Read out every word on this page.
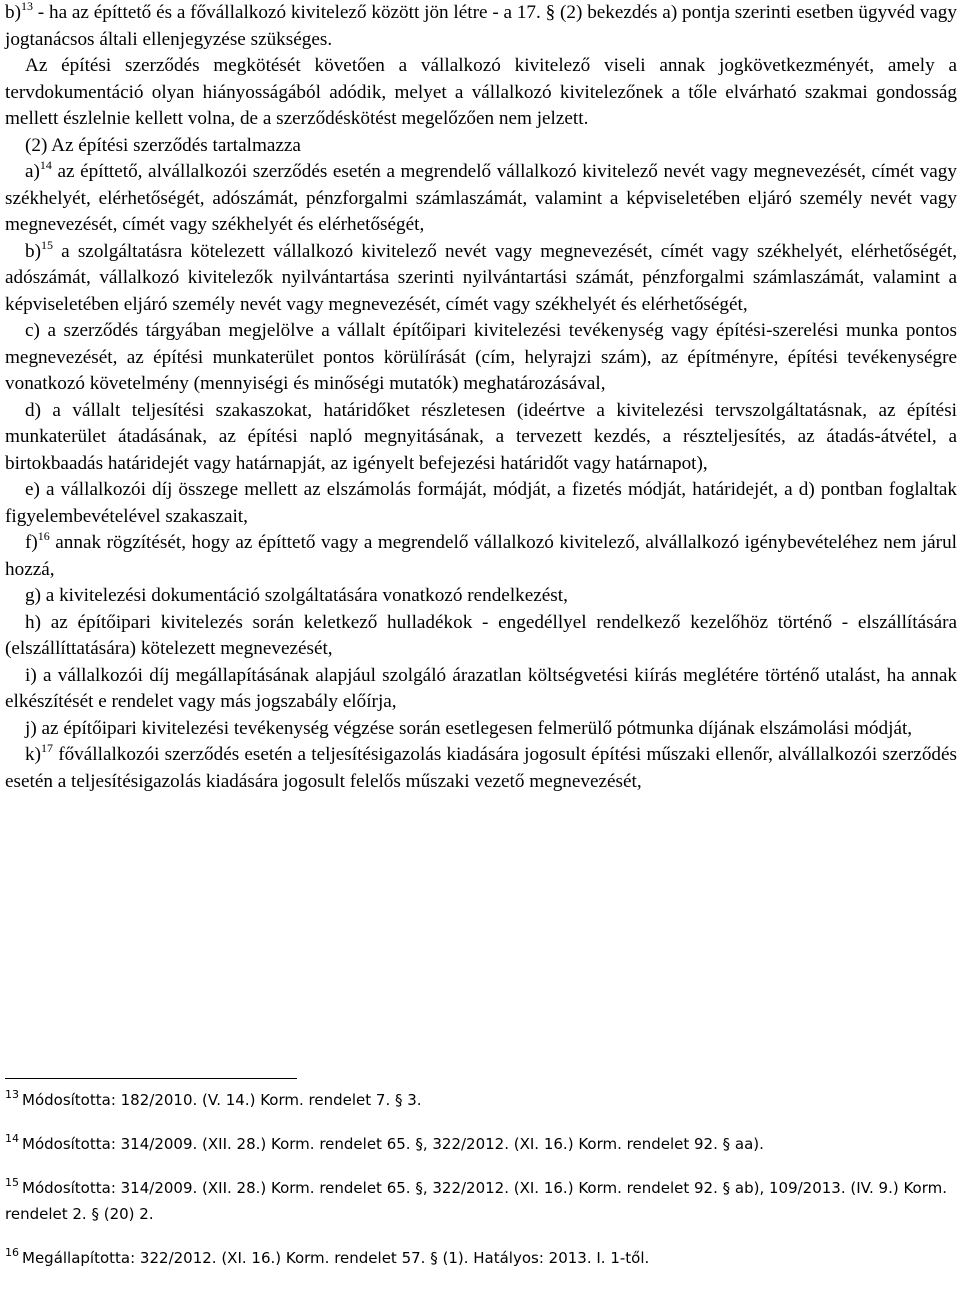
b)$^{13}$ - ha az építtető és a fővállalkozó kivitelező között jön létre - a 17. § (2) bekezdés a) pontja szerinti esetben ügyvéd vagy jogtanácsos általi ellenjegyzése szükséges.

Az építési szerződés megkötését követően a vállalkozó kivitelező viseli annak jogkövetkezményét, amely a tervdokumentáció olyan hiányosságából adódik, melyet a vállalkozó kivitelezőnek a tőle elvárható szakmai gondosság mellett észlelnie kellett volna, de a szerződéskötést megelőzően nem jelzett.

(2) Az építési szerződés tartalmazza

a)$^{14}$ az építtető, alvállalkozói szerződés esetén a megrendelő vállalkozó kivitelező nevét vagy megnevezését, címét vagy székhelyét, elérhetőségét, adószámát, pénzforgalmi számlaszámát, valamint a képviseletében eljáró személy nevét vagy megnevezését, címét vagy székhelyét és elérhetőségét,

b)$^{15}$ a szolgáltatásra kötelezett vállalkozó kivitelező nevét vagy megnevezését, címét vagy székhelyét, elérhetőségét, adószámát, vállalkozó kivitelezők nyilvántartása szerinti nyilvántartási számát, pénzforgalmi számlaszámát, valamint a képviseletében eljáró személy nevét vagy megnevezését, címét vagy székhelyét és elérhetőségét,

c) a szerződés tárgyában megjelölve a vállalt építőipari kivitelezési tevékenység vagy építési-szerelési munka pontos megnevezését, az építési munkaterület pontos körülírását (cím, helyrajzi szám), az építményre, építési tevékenységre vonatkozó követelmény (mennyiségi és minőségi mutatók) meghatározásával,

d) a vállalt teljesítési szakaszokat, határidőket részletesen (ideértve a kivitelezési tervszolgáltatásnak, az építési munkaterület átadásának, az építési napló megnyitásának, a tervezett kezdés, a részteljesítés, az átadás-átvétel, a birtokbaadás határidejét vagy határnapját, az igényelt befejezési határidőt vagy határnapot),

e) a vállalkozói díj összege mellett az elszámolás formáját, módját, a fizetés módját, határidejét, a d) pontban foglaltak figyelembevételével szakaszait,

f)$^{16}$ annak rögzítését, hogy az építtető vagy a megrendelő vállalkozó kivitelező, alvállalkozó igénybevételéhez nem járul hozzá,

g) a kivitelezési dokumentáció szolgáltatására vonatkozó rendelkezést,

h) az építőipari kivitelezés során keletkező hulladékok - engedéllyel rendelkező kezelőhöz történő - elszállítására (elszállíttatására) kötelezett megnevezését,

i) a vállalkozói díj megállapításának alapjául szolgáló árazatlan költségvetési kiírás meglétére történő utalást, ha annak elkészítését e rendelet vagy más jogszabály előírja,

j) az építőipari kivitelezési tevékenység végzése során esetlegesen felmerülő pótmunka díjának elszámolási módját,

k)$^{17}$ fővállalkozói szerződés esetén a teljesítésigazolás kiadására jogosult építési műszaki ellenőr, alvállalkozói szerződés esetén a teljesítésigazolás kiadására jogosult felelős műszaki vezető megnevezését,

$^{13}$ Módosította: 182/2010. (V. 14.) Korm. rendelet 7. § 3.

$^{14}$ Módosította: 314/2009. (XII. 28.) Korm. rendelet 65. §, 322/2012. (XI. 16.) Korm. rendelet 92. § aa).

$^{15}$ Módosította: 314/2009. (XII. 28.) Korm. rendelet 65. §, 322/2012. (XI. 16.) Korm. rendelet 92. § ab), 109/2013. (IV. 9.) Korm. rendelet 2. § (20) 2.

$^{16}$ Megállapította: 322/2012. (XI. 16.) Korm. rendelet 57. § (1). Hatályos: 2013. I. 1-től.
